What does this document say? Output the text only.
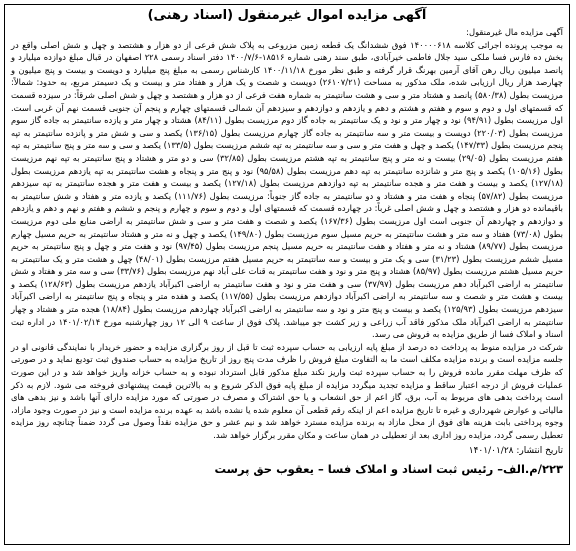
آگهی مزایده اموال غیرمنقول (اسناد رهنی)
آگهی مزایده مال غیرمنقول:
به موجب پرونده اجرائی کلاسه ۱۴۰۰۰۰۶۱۸ فوق ششدانگ یک قطعه زمین مزروعی به پلاک شش فرعی از دو هزار و هشتصد و چهل و شش اصلی واقع در بخش ده فارس فسا ملکی سید جلال فاطمی خیرآبادی، طبق سند رهنی شماره ۱۸۵۱۶-۱۴۰۰/۷/۶ دفتر اسناد رسمی ۲۲۸ اصفهان در قبال مبلغ دوازده میلیارد و پانصد میلیون ریال رهن آقای آرمین بهرنگ قرار گرفته و طبق نظر مورخ ۱۴۰۰/۱۱/۱۸ کارشناس رسمی به مبلغ پنج میلیارد و دویست و بیست و پنج میلیون و چهارصد هزار ریال ارزیابی شده، ملک مذکور به مساحت (۲۶۱۰۷/۲۱) دویست و شصت و یک هزار و هفتاد متر و بیست و یک دسیمتر مربع، به حدود: شمالاً: مرزیست بطول (۵۸۰/۳۸) پانصد و هشتاد متر و سی و هشت سانتیمتر به شماره هفت فرعی از دو هزار و هشتصد و چهل و شش اصلی شرقاً: در سیزده قسمت که قسمتهای اول و دوم و سوم و هفتم و هشتم و دهم و یازدهم و دوازدهم و سیزدهم آن شمالی قسمتهای چهارم و پنجم آن جنوبی قسمت نهم آن غربی است. اول مرزیست بطول (۹۴/۹۱) نود و چهار متر و نود و یک سانتیمتر به جاده گاز دوم مرزیست بطول (۸۴/۱۱) هشتاد و چهار متر و یازده سانتیمتر به جاده گاز سوم مرزیست بطول (۲۲۰/۰۳) دویست و بیست متر و سه سانتیمتر به جاده گاز چهارم مرزیست بطول (۱۳۶/۱۵) یکصد و سی و شش متر و پانزده سانتیمتر به تپه پنجم مرزیست بطول (۱۴۷/۳۳) یکصد و چهل و هفت متر و سی و سه سانتیمتر به تپه ششم مرزیست بطول (۱۳۳/۵) یکصد و سی و سه متر و پنج سانتیمتر به تپه هفتم مرزیست بطول (۲۹/۰۵) بیست و نه متر و پنج سانتیمتر به تپه هشتم مرزیست بطول (۳۲/۸۵) سی و دو متر و هشتاد و پنج سانتیمتر به تپه نهم مرزیست بطول (۱۰۵/۱۶) یکصد و پنج متر و شانزده سانتیمتر به تپه دهم مرزیست بطول (۹۵/۵۸) نود و پنج متر و پنجاه و هشت سانتیمتر به تپه یازدهم مرزیست بطول (۱۲۷/۱۸) یکصد و بیست و هفت متر و هجده سانتیمتر به تپه دوازدهم مرزیست بطول (۱۲۷/۱۸) یکصد و بیست و هفت متر و هجده سانتیمتر به تپه سیزدهم مرزیست بطول (۵۷/۸۲) پنجاه و هفت متر و هشتاد و دو سانتیمتر به جاده گاز جنوباً: مرزیست بطول (۱۱۱/۷۶) یکصد و یازده متر و هفتاد و شش سانتیمتر به باقیمانده دو هزار و هشتصد و چهل و شش اصلی غرباً: در چهارده قسمت که قسمتهای اول و دوم و سوم و چهارم و پنجم و ششم و هفتم و نهم و دهم و یازدهم و دوازدهم و چهاردهم آن جنوبی است اول مرزیست بطول (۱۶۷/۳۶) یکصد و شصت و هفت متر و سی و شش سانتیمتر به اراضی منابع ملی دوم مرزیست بطول (۷۳/۰۸) هفتاد و سه متر و هشت سانتیمتر به حریم مسیل سوم مرزیست بطول (۱۴۹/۸۰) یکصد و چهل و نه متر و هشتاد سانتیمتر به حریم مسیل چهارم مرزیست بطول (۸۹/۷۷) هشتاد و نه متر و هفتاد و هفت سانتیمتر به حریم مسیل پنجم مرزیست بطول (۹۷/۴۵) نود و هفت متر و چهل و پنج سانتیمتر به حریم مسیل ششم مرزیست بطول (۳۱/۲۳) سی و یک متر و بیست و سه سانتیمتر به حریم مسیل هفتم مرزیست بطول (۴۸/۰۱) چهل و هشت متر و یک سانتیمتر به حریم مسیل هشتم مرزیست بطول (۸۵/۹۷) هشتاد و پنج متر و نود و هفت سانتیمتر به قنات علی آباد نهم مرزیست بطول (۳۳/۷۶) سی و سه متر و هفتاد و شش سانتیمتر به اراضی اکبرآباد دهم مرزیست بطول (۳۷/۹۷) سی و هفت متر و نود و هفت سانتیمتر به اراضی اکبرآباد یازدهم مرزیست بطول (۱۲۸/۶۳) یکصد و بیست و هشت متر و شصت و سه سانتیمتر به اراضی اکبرآباد دوازدهم مرزیست بطول (۱۱۷/۵۵) یکصد و هفده متر و پنجاه و پنج سانتیمتر به اراضی اکبرآباد سیزدهم مرزیست بطول (۱۲۵/۹۳) یکصد و بیست و پنج متر و نود و سه سانتیمتر به اراضی اکبرآباد چهاردهم مرزیست بطول (۱۸/۸۴) هجده متر و هشتاد و چهار سانتیمتر به اراضی اکبرآباد ملک مذکور فاقد آب زراعی و زیر کشت جو میباشد. پلاک فوق از ساعت ۹ الی ۱۲ روز چهارشنبه مورخ ۱۴۰۱/۰۲/۱۴ در اداره ثبت اسناد و املاک فسا از طریق مزایده به فروش می رسد.
شرکت در مزایده منوط به پرداخت ده درصد از مبلغ پایه ارزیابی به حساب سپرده ثبت تا قبل از روز برگزاری مزایده و حضور خریدار با نمایندگی قانونی او در جلسه مزایده است و برنده مزایده مکلف است ما به التفاوت مبلغ فروش را ظرف مدت پنج روز از تاریخ مزایده به حساب صندوق ثبت تودیع نماید و در صورتی که ظرف مهلت مقرر مانده فروش را به حساب سپرده ثبت واریز نکند مبلغ مذکور قابل استرداد نبوده و به حساب خزانه واریز خواهد شد و در این صورت عملیات فروش از درجه اعتبار ساقط و مزایده تجدید میگردد مزایده از مبلغ پایه فوق الذکر شروع و به بالاترین قیمت پیشنهادی فروخته می شود. لازم به ذکر است پرداخت بدهی های مربوط به آب، برق، گاز اعم از حق انشعاب و یا حق اشتراک و مصرف در صورتی که مورد مزایده دارای آنها باشد و نیز بدهی های مالیاتی و عوارض شهرداری و غیره تا تاریخ مزایده اعم از اینکه رقم قطعی آن معلوم شده یا نشده باشد به عهده برنده مزایده است و نیز در صورت وجود مازاد، وجوه پرداختی بابت هزینه های فوق از محل مازاد به برنده مزایده مسترد خواهد شد و نیم عشر و حق مزایده نقداً وصول می گردد ضمناً چنانچه روز مزایده تعطیل رسمی گردد، مزایده روز اداری بعد از تعطیلی در همان ساعت و مکان مقرر برگزار خواهد شد.
تاریخ انتشار: ۱۴۰۱/۰۱/۲۸
۲۲۳/م.الف– رئیس ثبت اسناد و املاک فسا – یعقوب حق پرست
